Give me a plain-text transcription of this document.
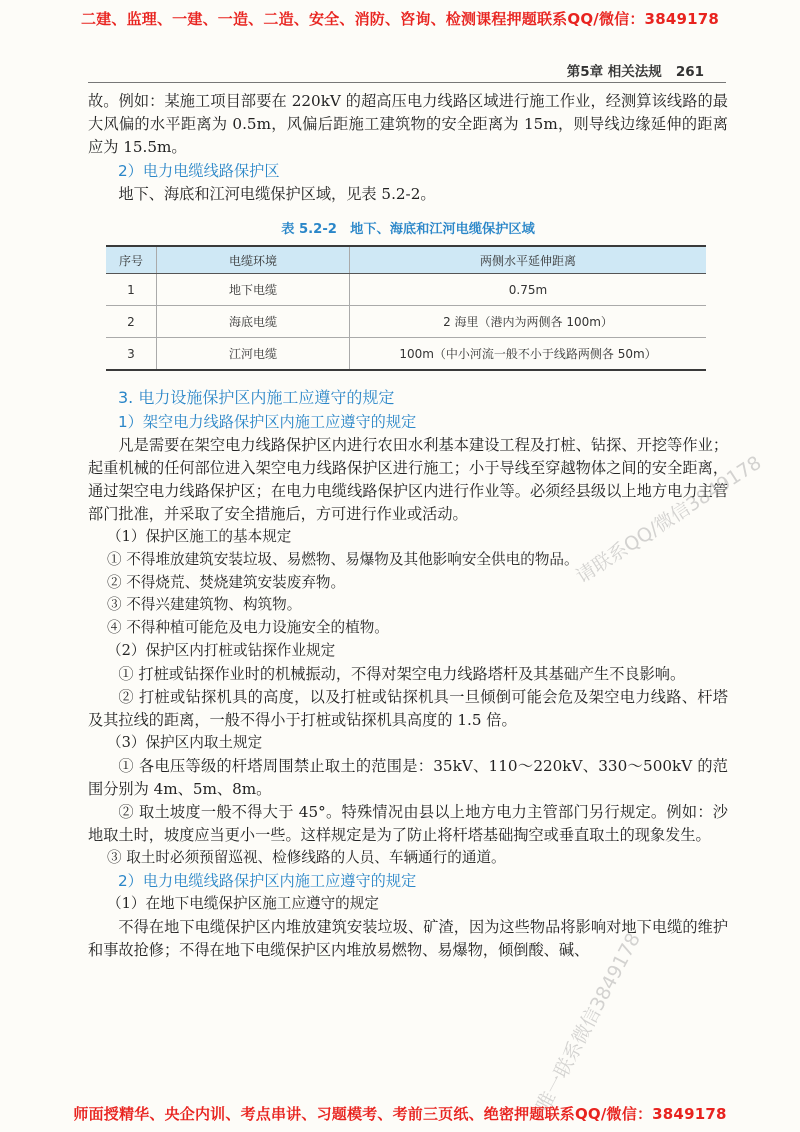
二建、监理、一建、一造、二造、安全、消防、咨询、检测课程押题联系QQ/微信：3849178
第5章 相关法规 261

故。例如：某施工项目部要在 220kV 的超高压电力线路区域进行施工作业，经测算该线路的最大风偏的水平距离为 0.5m，风偏后距施工建筑物的安全距离为 15m，则导线边缘延伸的距离应为 15.5m。

2）电力电缆线路保护区

地下、海底和江河电缆保护区域，见表 5.2-2。

表 5.2-2　地下、海底和江河电缆保护区域
序号	电缆环境	两侧水平延伸距离
1	地下电缆	0.75m
2	海底电缆	2 海里（港内为两侧各 100m）
3	江河电缆	100m（中小河流一般不小于线路两侧各 50m）

3. 电力设施保护区内施工应遵守的规定

1）架空电力线路保护区内施工应遵守的规定

凡是需要在架空电力线路保护区内进行农田水利基本建设工程及打桩、钻探、开挖等作业；起重机械的任何部位进入架空电力线路保护区进行施工；小于导线至穿越物体之间的安全距离，通过架空电力线路保护区；在电力电缆线路保护区内进行作业等。必须经县级以上地方电力主管部门批准，并采取了安全措施后，方可进行作业或活动。

（1）保护区施工的基本规定

① 不得堆放建筑安装垃圾、易燃物、易爆物及其他影响安全供电的物品。

② 不得烧荒、焚烧建筑安装废弃物。

③ 不得兴建建筑物、构筑物。

④ 不得种植可能危及电力设施安全的植物。

（2）保护区内打桩或钻探作业规定

① 打桩或钻探作业时的机械振动，不得对架空电力线路塔杆及其基础产生不良影响。

② 打桩或钻探机具的高度，以及打桩或钻探机具一旦倾倒可能会危及架空电力线路、杆塔及其拉线的距离，一般不得小于打桩或钻探机具高度的 1.5 倍。

（3）保护区内取土规定

① 各电压等级的杆塔周围禁止取土的范围是：35kV、110～220kV、330～500kV 的范围分别为 4m、5m、8m。

② 取土坡度一般不得大于 45°。特殊情况由县以上地方电力主管部门另行规定。例如：沙地取土时，坡度应当更小一些。这样规定是为了防止将杆塔基础掏空或垂直取土的现象发生。

③ 取土时必须预留巡视、检修线路的人员、车辆通行的通道。

2）电力电缆线路保护区内施工应遵守的规定

（1）在地下电缆保护区施工应遵守的规定

不得在地下电缆保护区内堆放建筑安装垃圾、矿渣，因为这些物品将影响对地下电缆的维护和事故抢修；不得在地下电缆保护区内堆放易燃物、易爆物，倾倒酸、碱、

请联系QQ/微信3849178
唯一联系微信3849178
师面授精华、央企内训、考点串讲、习题模考、考前三页纸、绝密押题联系QQ/微信：3849178
